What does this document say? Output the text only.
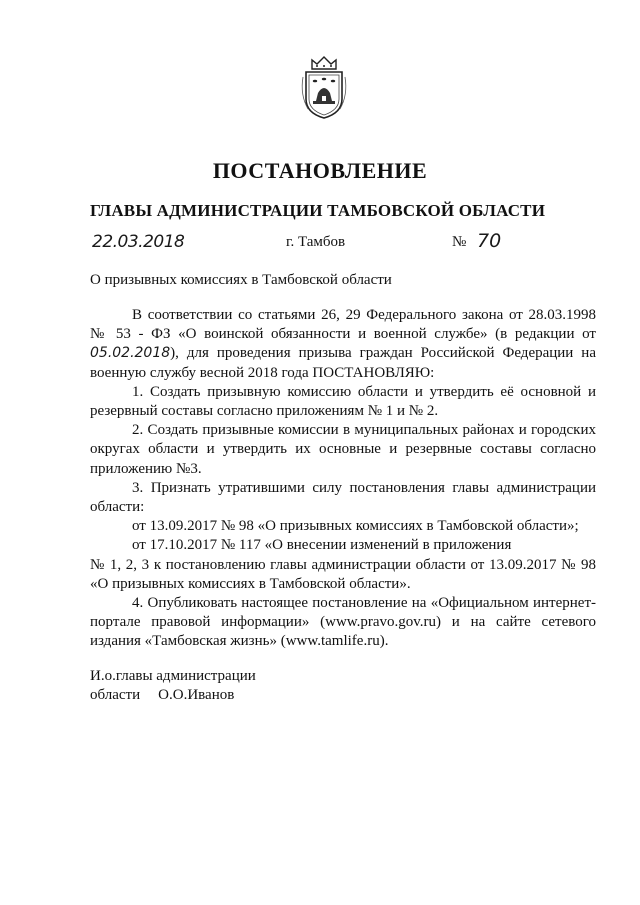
ПОСТАНОВЛЕНИЕ
ГЛАВЫ АДМИНИСТРАЦИИ ТАМБОВСКОЙ ОБЛАСТИ
22.03.2018	г. Тамбов	№ 70
О призывных комиссиях в Тамбовской области

В соответствии со статьями 26, 29 Федерального закона от 28.03.1998 № 53 - ФЗ «О воинской обязанности и военной службе» (в редакции от 05.02.2018), для проведения призыва граждан Российской Федерации на военную службу весной 2018 года ПОСТАНОВЛЯЮ:

1. Создать призывную комиссию области и утвердить её основной и резервный составы согласно приложениям № 1 и № 2.

2. Создать призывные комиссии в муниципальных районах и городских округах области и утвердить их основные и резервные составы согласно приложению №3.

3. Признать утратившими силу постановления главы администрации области:

от 13.09.2017 № 98 «О призывных комиссиях в Тамбовской области»;

от 17.10.2017 № 117 «О внесении изменений в приложения

№ 1, 2, 3 к постановлению главы администрации области от 13.09.2017 № 98 «О призывных комиссиях в Тамбовской области».

4. Опубликовать настоящее постановление на «Официальном интернет-портале правовой информации» (www.pravo.gov.ru) и на сайте сетевого издания «Тамбовская жизнь» (www.tamlife.ru).

И.о.главы администрации
области О.О.Иванов
